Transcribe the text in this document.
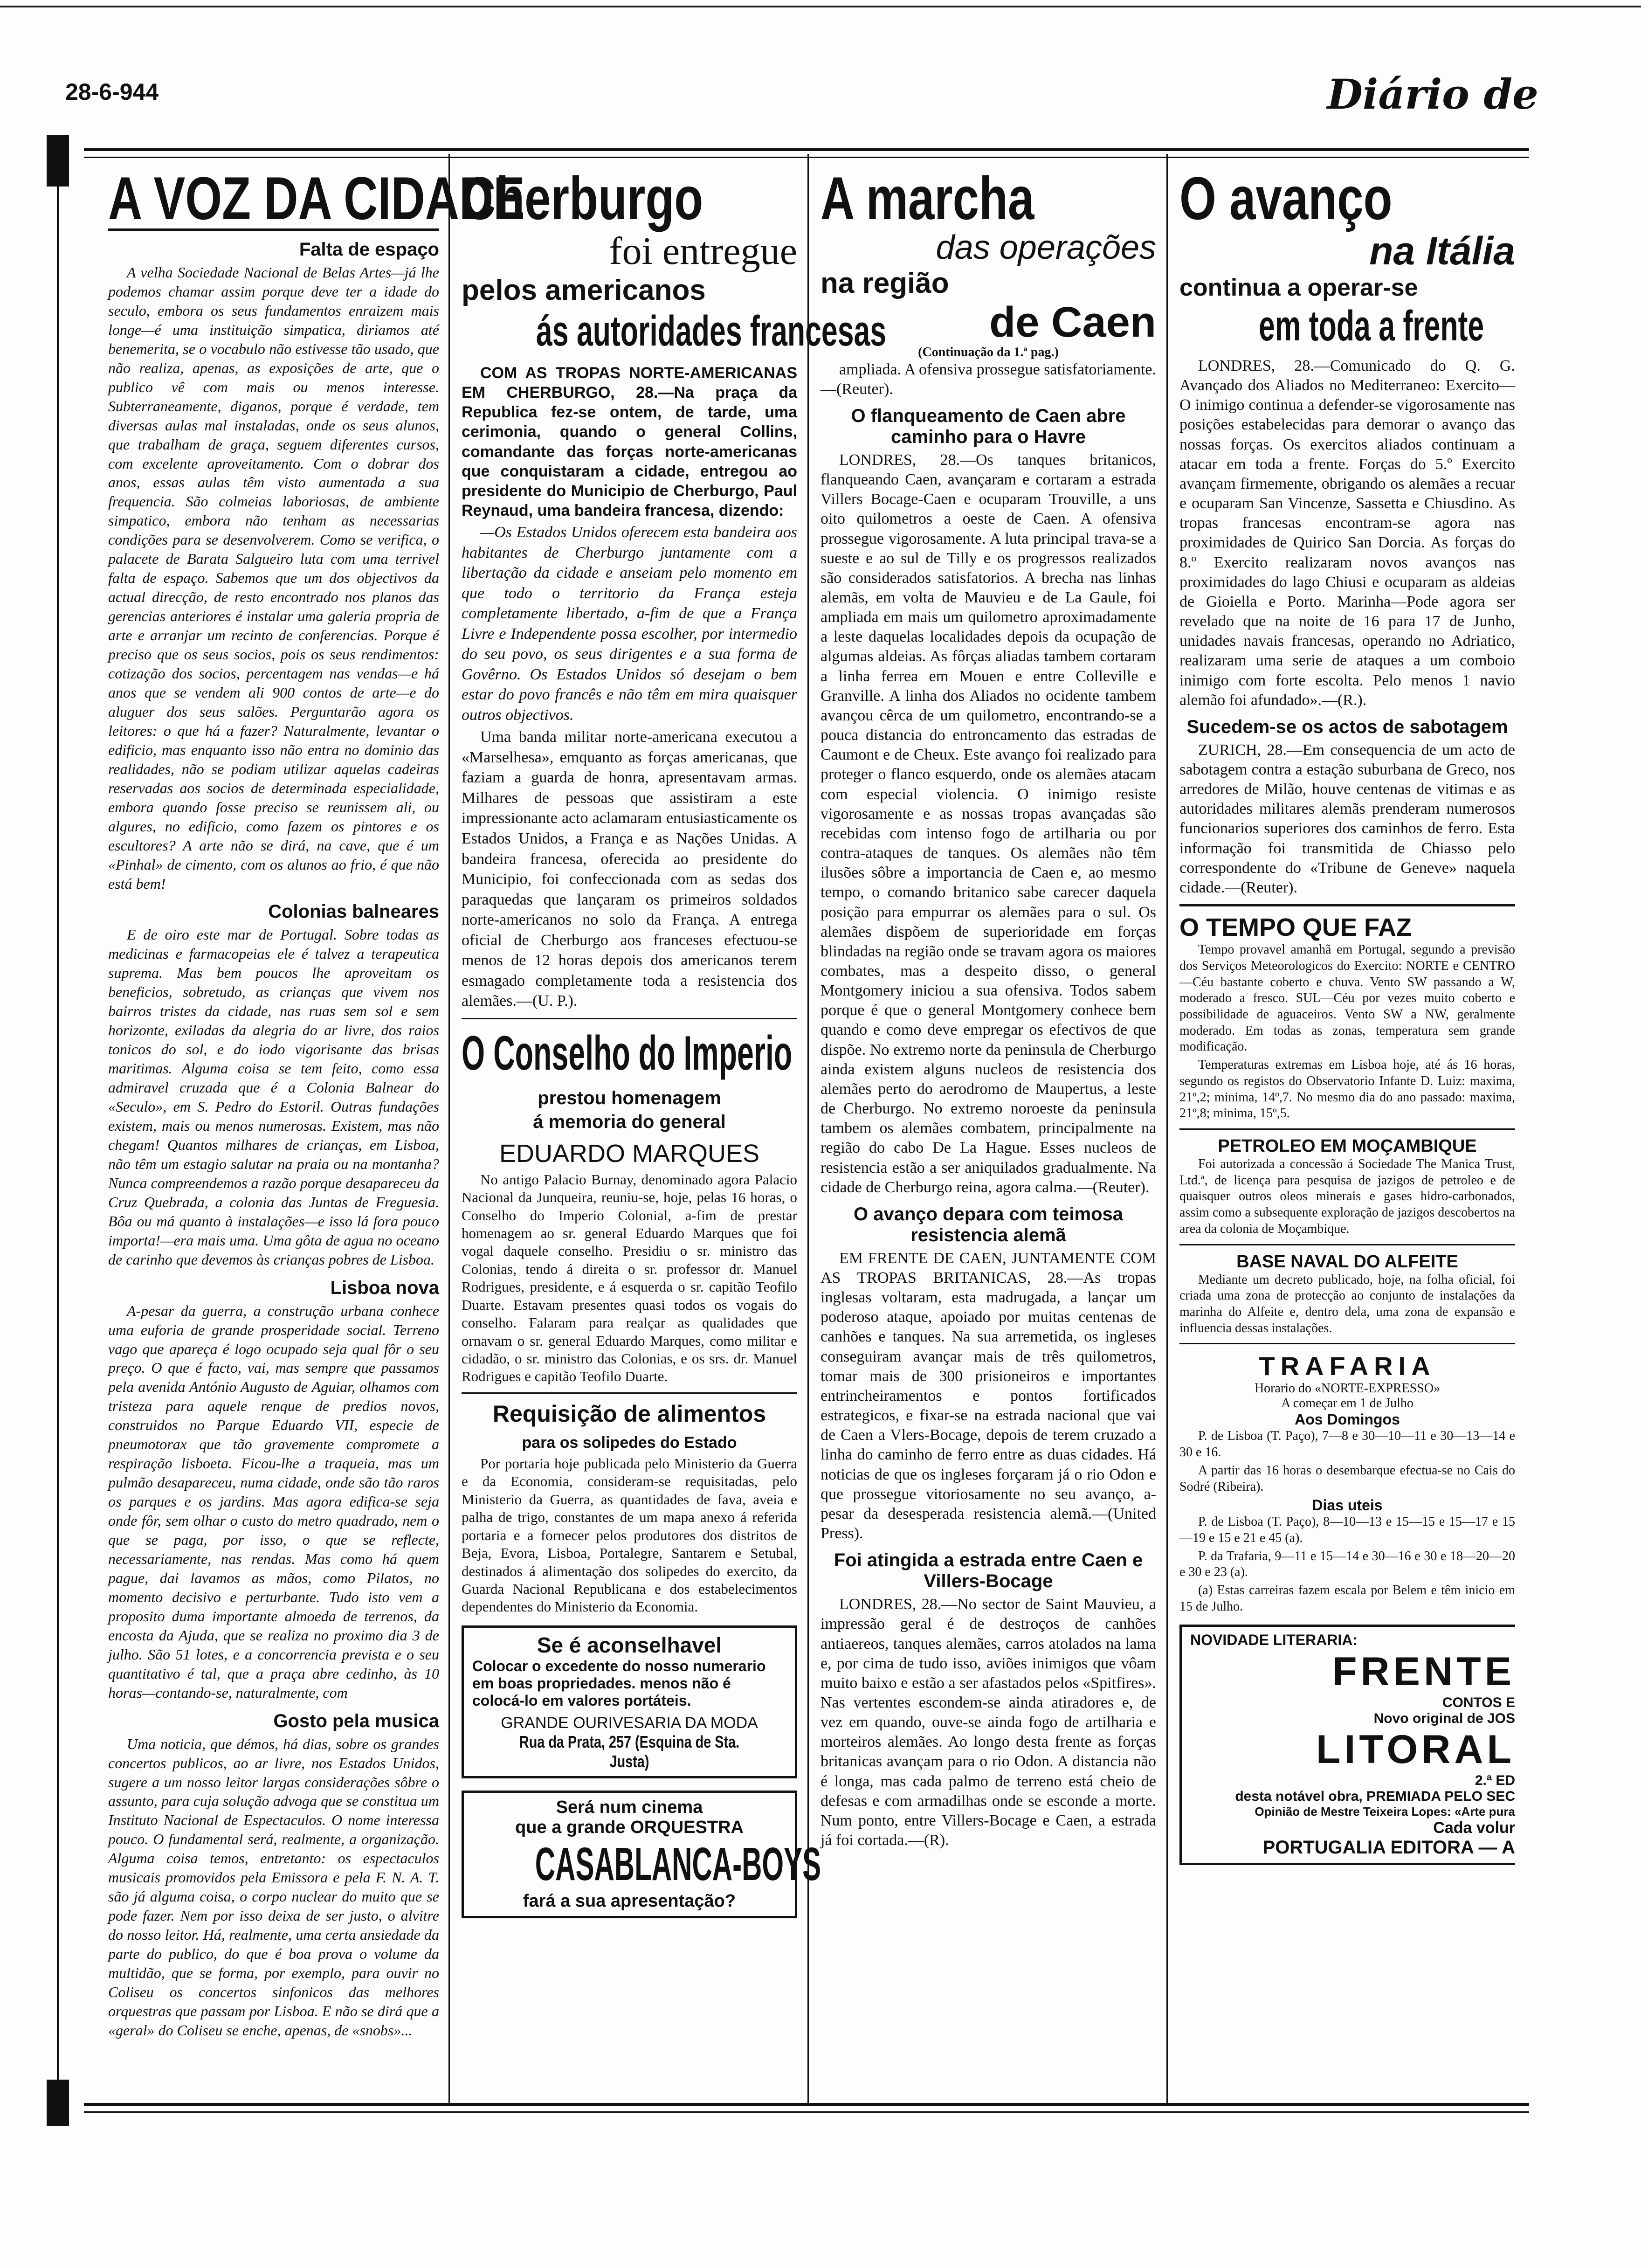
28-6-944	Diário de
A VOZ DA CIDADE
Falta de espaço

A velha Sociedade Nacional de Belas Artes—já lhe podemos chamar assim porque deve ter a idade do seculo, embora os seus fundamentos enraizem mais longe—é uma instituição simpatica, diriamos até benemerita, se o vocabulo não estivesse tão usado, que não realiza, apenas, as exposições de arte, que o publico vê com mais ou menos interesse. Subterraneamente, diganos, porque é verdade, tem diversas aulas mal instaladas, onde os seus alunos, que trabalham de graça, seguem diferentes cursos, com excelente aproveitamento. Com o dobrar dos anos, essas aulas têm visto aumentada a sua frequencia. São colmeias laboriosas, de ambiente simpatico, embora não tenham as necessarias condições para se desenvolverem. Como se verifica, o palacete de Barata Salgueiro luta com uma terrivel falta de espaço. Sabemos que um dos objectivos da actual direcção, de resto encontrado nos planos das gerencias anteriores é instalar uma galeria propria de arte e arranjar um recinto de conferencias. Porque é preciso que os seus socios, pois os seus rendimentos: cotização dos socios, percentagem nas vendas—e há anos que se vendem ali 900 contos de arte—e do aluguer dos seus salões. Perguntarão agora os leitores: o que há a fazer? Naturalmente, levantar o edificio, mas enquanto isso não entra no dominio das realidades, não se podiam utilizar aquelas cadeiras reservadas aos socios de determinada especialidade, embora quando fosse preciso se reunissem ali, ou algures, no edificio, como fazem os pintores e os escultores? A arte não se dirá, na cave, que é um «Pinhal» de cimento, com os alunos ao frio, é que não está bem!

Colonias balneares

E de oiro este mar de Portugal. Sobre todas as medicinas e farmacopeias ele é talvez a terapeutica suprema. Mas bem poucos lhe aproveitam os beneficios, sobretudo, as crianças que vivem nos bairros tristes da cidade, nas ruas sem sol e sem horizonte, exiladas da alegria do ar livre, dos raios tonicos do sol, e do iodo vigorisante das brisas maritimas. Alguma coisa se tem feito, como essa admiravel cruzada que é a Colonia Balnear do «Seculo», em S. Pedro do Estoril. Outras fundações existem, mais ou menos numerosas. Existem, mas não chegam! Quantos milhares de crianças, em Lisboa, não têm um estagio salutar na praia ou na montanha? Nunca compreendemos a razão porque desapareceu da Cruz Quebrada, a colonia das Juntas de Freguesia. Bôa ou má quanto à instalações—e isso lá fora pouco importa!—era mais uma. Uma gôta de agua no oceano de carinho que devemos às crianças pobres de Lisboa.

Lisboa nova

A-pesar da guerra, a construção urbana conhece uma euforia de grande prosperidade social. Terreno vago que apareça é logo ocupado seja qual fôr o seu preço. O que é facto, vai, mas sempre que passamos pela avenida António Augusto de Aguiar, olhamos com tristeza para aquele renque de predios novos, construidos no Parque Eduardo VII, especie de pneumotorax que tão gravemente compromete a respiração lisboeta. Ficou-lhe a traqueia, mas um pulmão desapareceu, numa cidade, onde são tão raros os parques e os jardins. Mas agora edifica-se seja onde fôr, sem olhar o custo do metro quadrado, nem o que se paga, por isso, o que se reflecte, necessariamente, nas rendas. Mas como há quem pague, dai lavamos as mãos, como Pilatos, no momento decisivo e perturbante. Tudo isto vem a proposito duma importante almoeda de terrenos, da encosta da Ajuda, que se realiza no proximo dia 3 de julho. São 51 lotes, e a concorrencia prevista e o seu quantitativo é tal, que a praça abre cedinho, às 10 horas—contando-se, naturalmente, com

Gosto pela musica

Uma noticia, que démos, há dias, sobre os grandes concertos publicos, ao ar livre, nos Estados Unidos, sugere a um nosso leitor largas considerações sôbre o assunto, para cuja solução advoga que se constitua um Instituto Nacional de Espectaculos. O nome interessa pouco. O fundamental será, realmente, a organização. Alguma coisa temos, entretanto: os espectaculos musicais promovidos pela Emissora e pela F. N. A. T. são já alguma coisa, o corpo nuclear do muito que se pode fazer. Nem por isso deixa de ser justo, o alvitre do nosso leitor. Há, realmente, uma certa ansiedade da parte do publico, do que é boa prova o volume da multidão, que se forma, por exemplo, para ouvir no Coliseu os concertos sinfonicos das melhores orquestras que passam por Lisboa. E não se dirá que a «geral» do Coliseu se enche, apenas, de «snobs»...

Cherburgo
foi entregue
pelos americanos
ás autoridades francesas

COM AS TROPAS NORTE-AMERICANAS EM CHERBURGO, 28.—Na praça da Republica fez-se ontem, de tarde, uma cerimonia, quando o general Collins, comandante das forças norte-americanas que conquistaram a cidade, entregou ao presidente do Municipio de Cherburgo, Paul Reynaud, uma bandeira francesa, dizendo:

—Os Estados Unidos oferecem esta bandeira aos habitantes de Cherburgo juntamente com a libertação da cidade e anseiam pelo momento em que todo o territorio da França esteja completamente libertado, a-fim de que a França Livre e Independente possa escolher, por intermedio do seu povo, os seus dirigentes e a sua forma de Govêrno. Os Estados Unidos só desejam o bem estar do povo francês e não têm em mira quaisquer outros objectivos.

Uma banda militar norte-americana executou a «Marselhesa», emquanto as forças americanas, que faziam a guarda de honra, apresentavam armas. Milhares de pessoas que assistiram a este impressionante acto aclamaram entusiasticamente os Estados Unidos, a França e as Nações Unidas. A bandeira francesa, oferecida ao presidente do Municipio, foi confeccionada com as sedas dos paraquedas que lançaram os primeiros soldados norte-americanos no solo da França. A entrega oficial de Cherburgo aos franceses efectuou-se menos de 12 horas depois dos americanos terem esmagado completamente toda a resistencia dos alemães.—(U. P.).

O Conselho do Imperio
prestou homenagem
á memoria do general
EDUARDO MARQUES

No antigo Palacio Burnay, denominado agora Palacio Nacional da Junqueira, reuniu-se, hoje, pelas 16 horas, o Conselho do Imperio Colonial, a-fim de prestar homenagem ao sr. general Eduardo Marques que foi vogal daquele conselho. Presidiu o sr. ministro das Colonias, tendo á direita o sr. professor dr. Manuel Rodrigues, presidente, e á esquerda o sr. capitão Teofilo Duarte. Estavam presentes quasi todos os vogais do conselho. Falaram para realçar as qualidades que ornavam o sr. general Eduardo Marques, como militar e cidadão, o sr. ministro das Colonias, e os srs. dr. Manuel Rodrigues e capitão Teofilo Duarte.

Requisição de alimentos
para os solipedes do Estado

Por portaria hoje publicada pelo Ministerio da Guerra e da Economia, consideram-se requisitadas, pelo Ministerio da Guerra, as quantidades de fava, aveia e palha de trigo, constantes de um mapa anexo á referida portaria e a fornecer pelos produtores dos distritos de Beja, Evora, Lisboa, Portalegre, Santarem e Setubal, destinados á alimentação dos solipedes do exercito, da Guarda Nacional Republicana e dos estabelecimentos dependentes do Ministerio da Economia.

Se é aconselhavel
Colocar o excedente do nosso numerario em boas propriedades. menos não é colocá-lo em valores portáteis.
GRANDE OURIVESARIA DA MODA
Rua da Prata, 257 (Esquina de Sta. Justa)
Será num cinema
que a grande ORQUESTRA
CASABLANCA-BOYS
fará a sua apresentação?
A marcha
das operações
na região
de Caen
(Continuação da 1.ª pag.)

ampliada. A ofensiva prossegue satisfatoriamente.—(Reuter).

O flanqueamento de Caen abre caminho para o Havre

LONDRES, 28.—Os tanques britanicos, flanqueando Caen, avançaram e cortaram a estrada Villers Bocage-Caen e ocuparam Trouville, a uns oito quilometros a oeste de Caen. A ofensiva prossegue vigorosamente. A luta principal trava-se a sueste e ao sul de Tilly e os progressos realizados são considerados satisfatorios. A brecha nas linhas alemãs, em volta de Mauvieu e de La Gaule, foi ampliada em mais um quilometro aproximadamente a leste daquelas localidades depois da ocupação de algumas aldeias. As fôrças aliadas tambem cortaram a linha ferrea em Mouen e entre Colleville e Granville. A linha dos Aliados no ocidente tambem avançou cêrca de um quilometro, encontrando-se a pouca distancia do entroncamento das estradas de Caumont e de Cheux. Este avanço foi realizado para proteger o flanco esquerdo, onde os alemães atacam com especial violencia. O inimigo resiste vigorosamente e as nossas tropas avançadas são recebidas com intenso fogo de artilharia ou por contra-ataques de tanques. Os alemães não têm ilusões sôbre a importancia de Caen e, ao mesmo tempo, o comando britanico sabe carecer daquela posição para empurrar os alemães para o sul. Os alemães dispõem de superioridade em forças blindadas na região onde se travam agora os maiores combates, mas a despeito disso, o general Montgomery iniciou a sua ofensiva. Todos sabem porque é que o general Montgomery conhece bem quando e como deve empregar os efectivos de que dispõe. No extremo norte da peninsula de Cherburgo ainda existem alguns nucleos de resistencia dos alemães perto do aerodromo de Maupertus, a leste de Cherburgo. No extremo noroeste da peninsula tambem os alemães combatem, principalmente na região do cabo De La Hague. Esses nucleos de resistencia estão a ser aniquilados gradualmente. Na cidade de Cherburgo reina, agora calma.—(Reuter).

O avanço depara com teimosa resistencia alemã

EM FRENTE DE CAEN, JUNTAMENTE COM AS TROPAS BRITANICAS, 28.—As tropas inglesas voltaram, esta madrugada, a lançar um poderoso ataque, apoiado por muitas centenas de canhões e tanques. Na sua arremetida, os ingleses conseguiram avançar mais de três quilometros, tomar mais de 300 prisioneiros e importantes entrincheiramentos e pontos fortificados estrategicos, e fixar-se na estrada nacional que vai de Caen a Vlers-Bocage, depois de terem cruzado a linha do caminho de ferro entre as duas cidades. Há noticias de que os ingleses forçaram já o rio Odon e que prossegue vitoriosamente no seu avanço, a-pesar da desesperada resistencia alemã.—(United Press).

Foi atingida a estrada entre Caen e Villers-Bocage

LONDRES, 28.—No sector de Saint Mauvieu, a impressão geral é de destroços de canhões antiaereos, tanques alemães, carros atolados na lama e, por cima de tudo isso, aviões inimigos que vôam muito baixo e estão a ser afastados pelos «Spitfires». Nas vertentes escondem-se ainda atiradores e, de vez em quando, ouve-se ainda fogo de artilharia e morteiros alemães. Ao longo desta frente as forças britanicas avançam para o rio Odon. A distancia não é longa, mas cada palmo de terreno está cheio de defesas e com armadilhas onde se esconde a morte. Num ponto, entre Villers-Bocage e Caen, a estrada já foi cortada.—(R).

O avanço
na Itália
continua a operar-se
em toda a frente

LONDRES, 28.—Comunicado do Q. G. Avançado dos Aliados no Mediterraneo: Exercito—O inimigo continua a defender-se vigorosamente nas posições estabelecidas para demorar o avanço das nossas forças. Os exercitos aliados continuam a atacar em toda a frente. Forças do 5.º Exercito avançam firmemente, obrigando os alemães a recuar e ocuparam San Vincenze, Sassetta e Chiusdino. As tropas francesas encontram-se agora nas proximidades de Quirico San Dorcia. As forças do 8.º Exercito realizaram novos avanços nas proximidades do lago Chiusi e ocuparam as aldeias de Gioiella e Porto. Marinha—Pode agora ser revelado que na noite de 16 para 17 de Junho, unidades navais francesas, operando no Adriatico, realizaram uma serie de ataques a um comboio inimigo com forte escolta. Pelo menos 1 navio alemão foi afundado».—(R.).

Sucedem-se os actos de sabotagem

ZURICH, 28.—Em consequencia de um acto de sabotagem contra a estação suburbana de Greco, nos arredores de Milão, houve centenas de vitimas e as autoridades militares alemãs prenderam numerosos funcionarios superiores dos caminhos de ferro. Esta informação foi transmitida de Chiasso pelo correspondente do «Tribune de Geneve» naquela cidade.—(Reuter).

O TEMPO QUE FAZ

Tempo provavel amanhã em Portugal, segundo a previsão dos Serviços Meteorologicos do Exercito: NORTE e CENTRO—Céu bastante coberto e chuva. Vento SW passando a W, moderado a fresco. SUL—Céu por vezes muito coberto e possibilidade de aguaceiros. Vento SW a NW, geralmente moderado. Em todas as zonas, temperatura sem grande modificação.

Temperaturas extremas em Lisboa hoje, até ás 16 horas, segundo os registos do Observatorio Infante D. Luiz: maxima, 21º,2; minima, 14º,7. No mesmo dia do ano passado: maxima, 21º,8; minima, 15º,5.

PETROLEO EM MOÇAMBIQUE

Foi autorizada a concessão á Sociedade The Manica Trust, Ltd.ª, de licença para pesquisa de jazigos de petroleo e de quaisquer outros oleos minerais e gases hidro-carbonados, assim como a subsequente exploração de jazigos descobertos na area da colonia de Moçambique.

BASE NAVAL DO ALFEITE

Mediante um decreto publicado, hoje, na folha oficial, foi criada uma zona de protecção ao conjunto de instalações da marinha do Alfeite e, dentro dela, uma zona de expansão e influencia dessas instalações.

TRAFARIA
Horario do «NORTE-EXPRESSO»
A começar em 1 de Julho
Aos Domingos

P. de Lisboa (T. Paço), 7—8 e 30—10—11 e 30—13—14 e 30 e 16.

A partir das 16 horas o desembarque efectua-se no Cais do Sodré (Ribeira).

Dias uteis

P. de Lisboa (T. Paço), 8—10—13 e 15—15 e 15—17 e 15—19 e 15 e 21 e 45 (a).

P. da Trafaria, 9—11 e 15—14 e 30—16 e 30 e 18—20—20 e 30 e 23 (a).

(a) Estas carreiras fazem escala por Belem e têm inicio em 15 de Julho.

NOVIDADE LITERARIA:
FRENTE
CONTOS E
Novo original de JOS
LITORAL
2.ª ED
desta notável obra, PREMIADA PELO SEC
Opinião de Mestre Teixeira Lopes: «Arte pura
Cada volur
PORTUGALIA EDITORA — A
